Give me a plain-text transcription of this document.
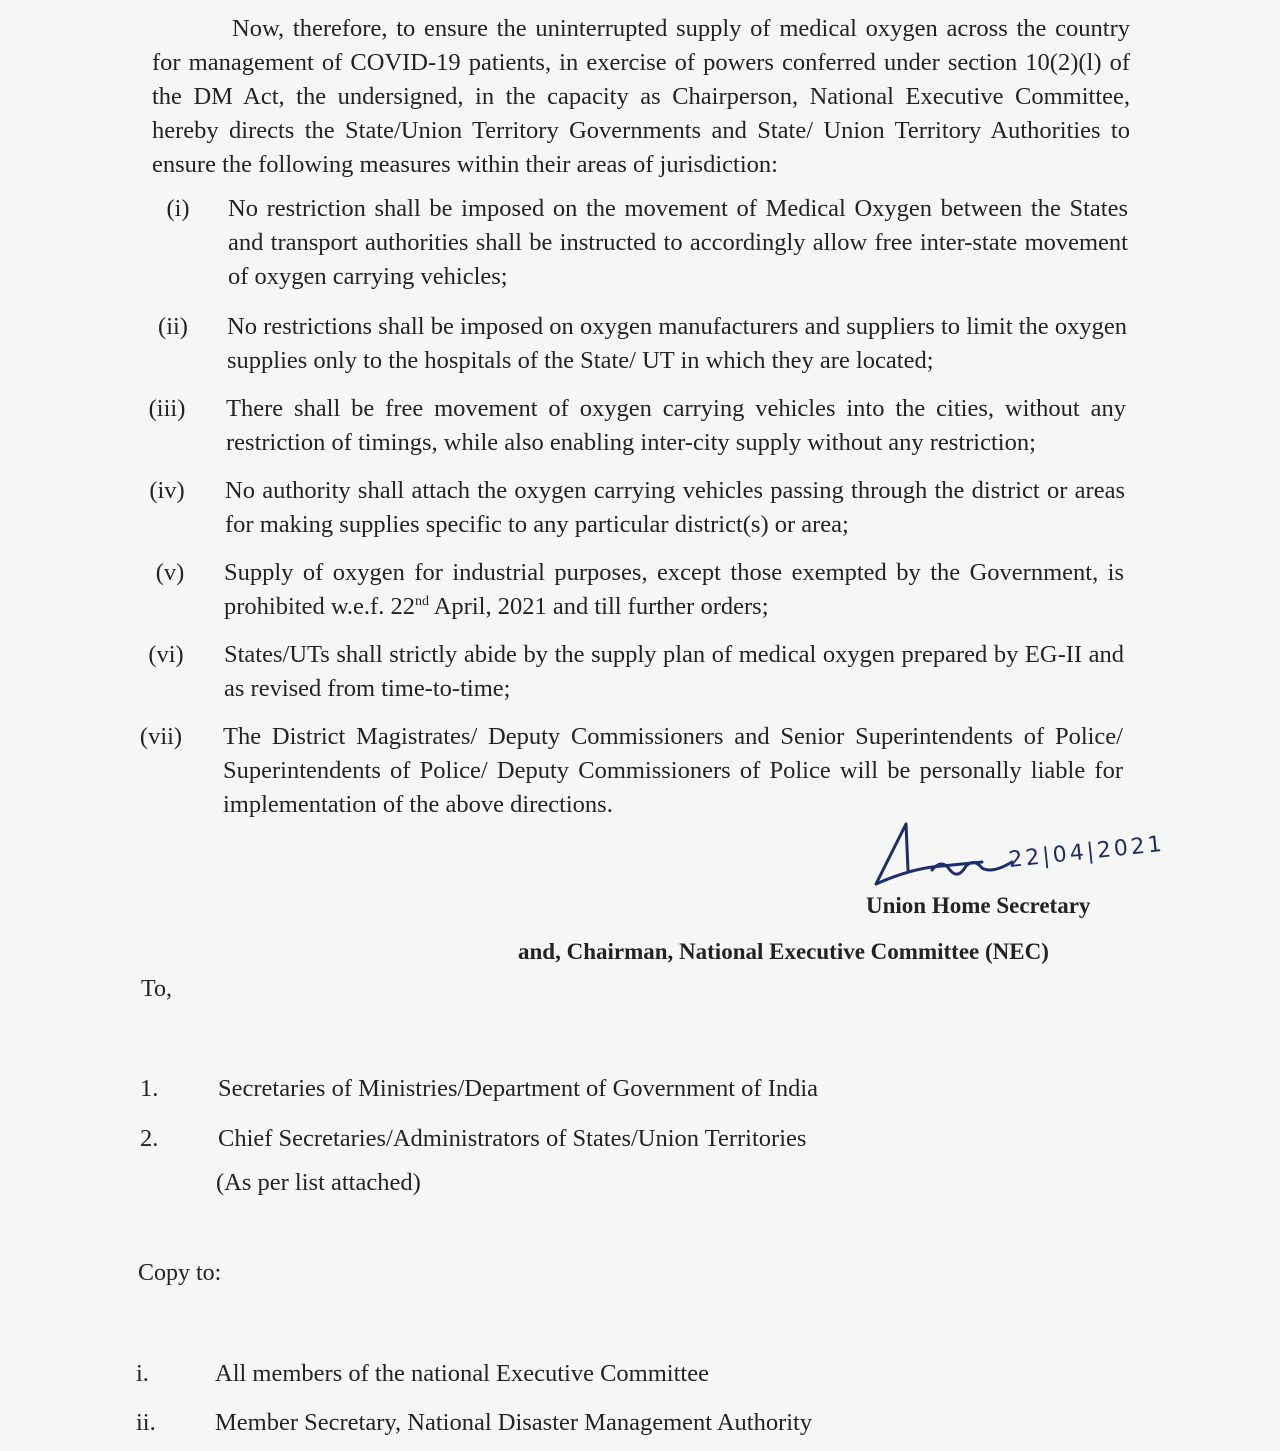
Now, therefore, to ensure the uninterrupted supply of medical oxygen across the country for management of COVID-19 patients, in exercise of powers conferred under section 10(2)(l) of the DM Act, the undersigned, in the capacity as Chairperson, National Executive Committee, hereby directs the State/Union Territory Governments and State/ Union Territory Authorities to ensure the following measures within their areas of jurisdiction:

(i)	No restriction shall be imposed on the movement of Medical Oxygen between the States and transport authorities shall be instructed to accordingly allow free inter-state movement of oxygen carrying vehicles;
(ii)	No restrictions shall be imposed on oxygen manufacturers and suppliers to limit the oxygen supplies only to the hospitals of the State/ UT in which they are located;
(iii)	There shall be free movement of oxygen carrying vehicles into the cities, without any restriction of timings, while also enabling inter-city supply without any restriction;
(iv)	No authority shall attach the oxygen carrying vehicles passing through the district or areas for making supplies specific to any particular district(s) or area;
(v)	Supply of oxygen for industrial purposes, except those exempted by the Government, is prohibited w.e.f. 22nd April, 2021 and till further orders;
(vi)	States/UTs shall strictly abide by the supply plan of medical oxygen prepared by EG-II and as revised from time-to-time;
(vii)	The District Magistrates/ Deputy Commissioners and Senior Superintendents of Police/ Superintendents of Police/ Deputy Commissioners of Police will be personally liable for implementation of the above directions.
22|04|2021
Union Home Secretary
and, Chairman, National Executive Committee (NEC)
To,
1. Secretaries of Ministries/Department of Government of India
2. Chief Secretaries/Administrators of States/Union Territories
(As per list attached)
Copy to:
i.	All members of the national Executive Committee
ii. Member Secretary, National Disaster Management Authority
